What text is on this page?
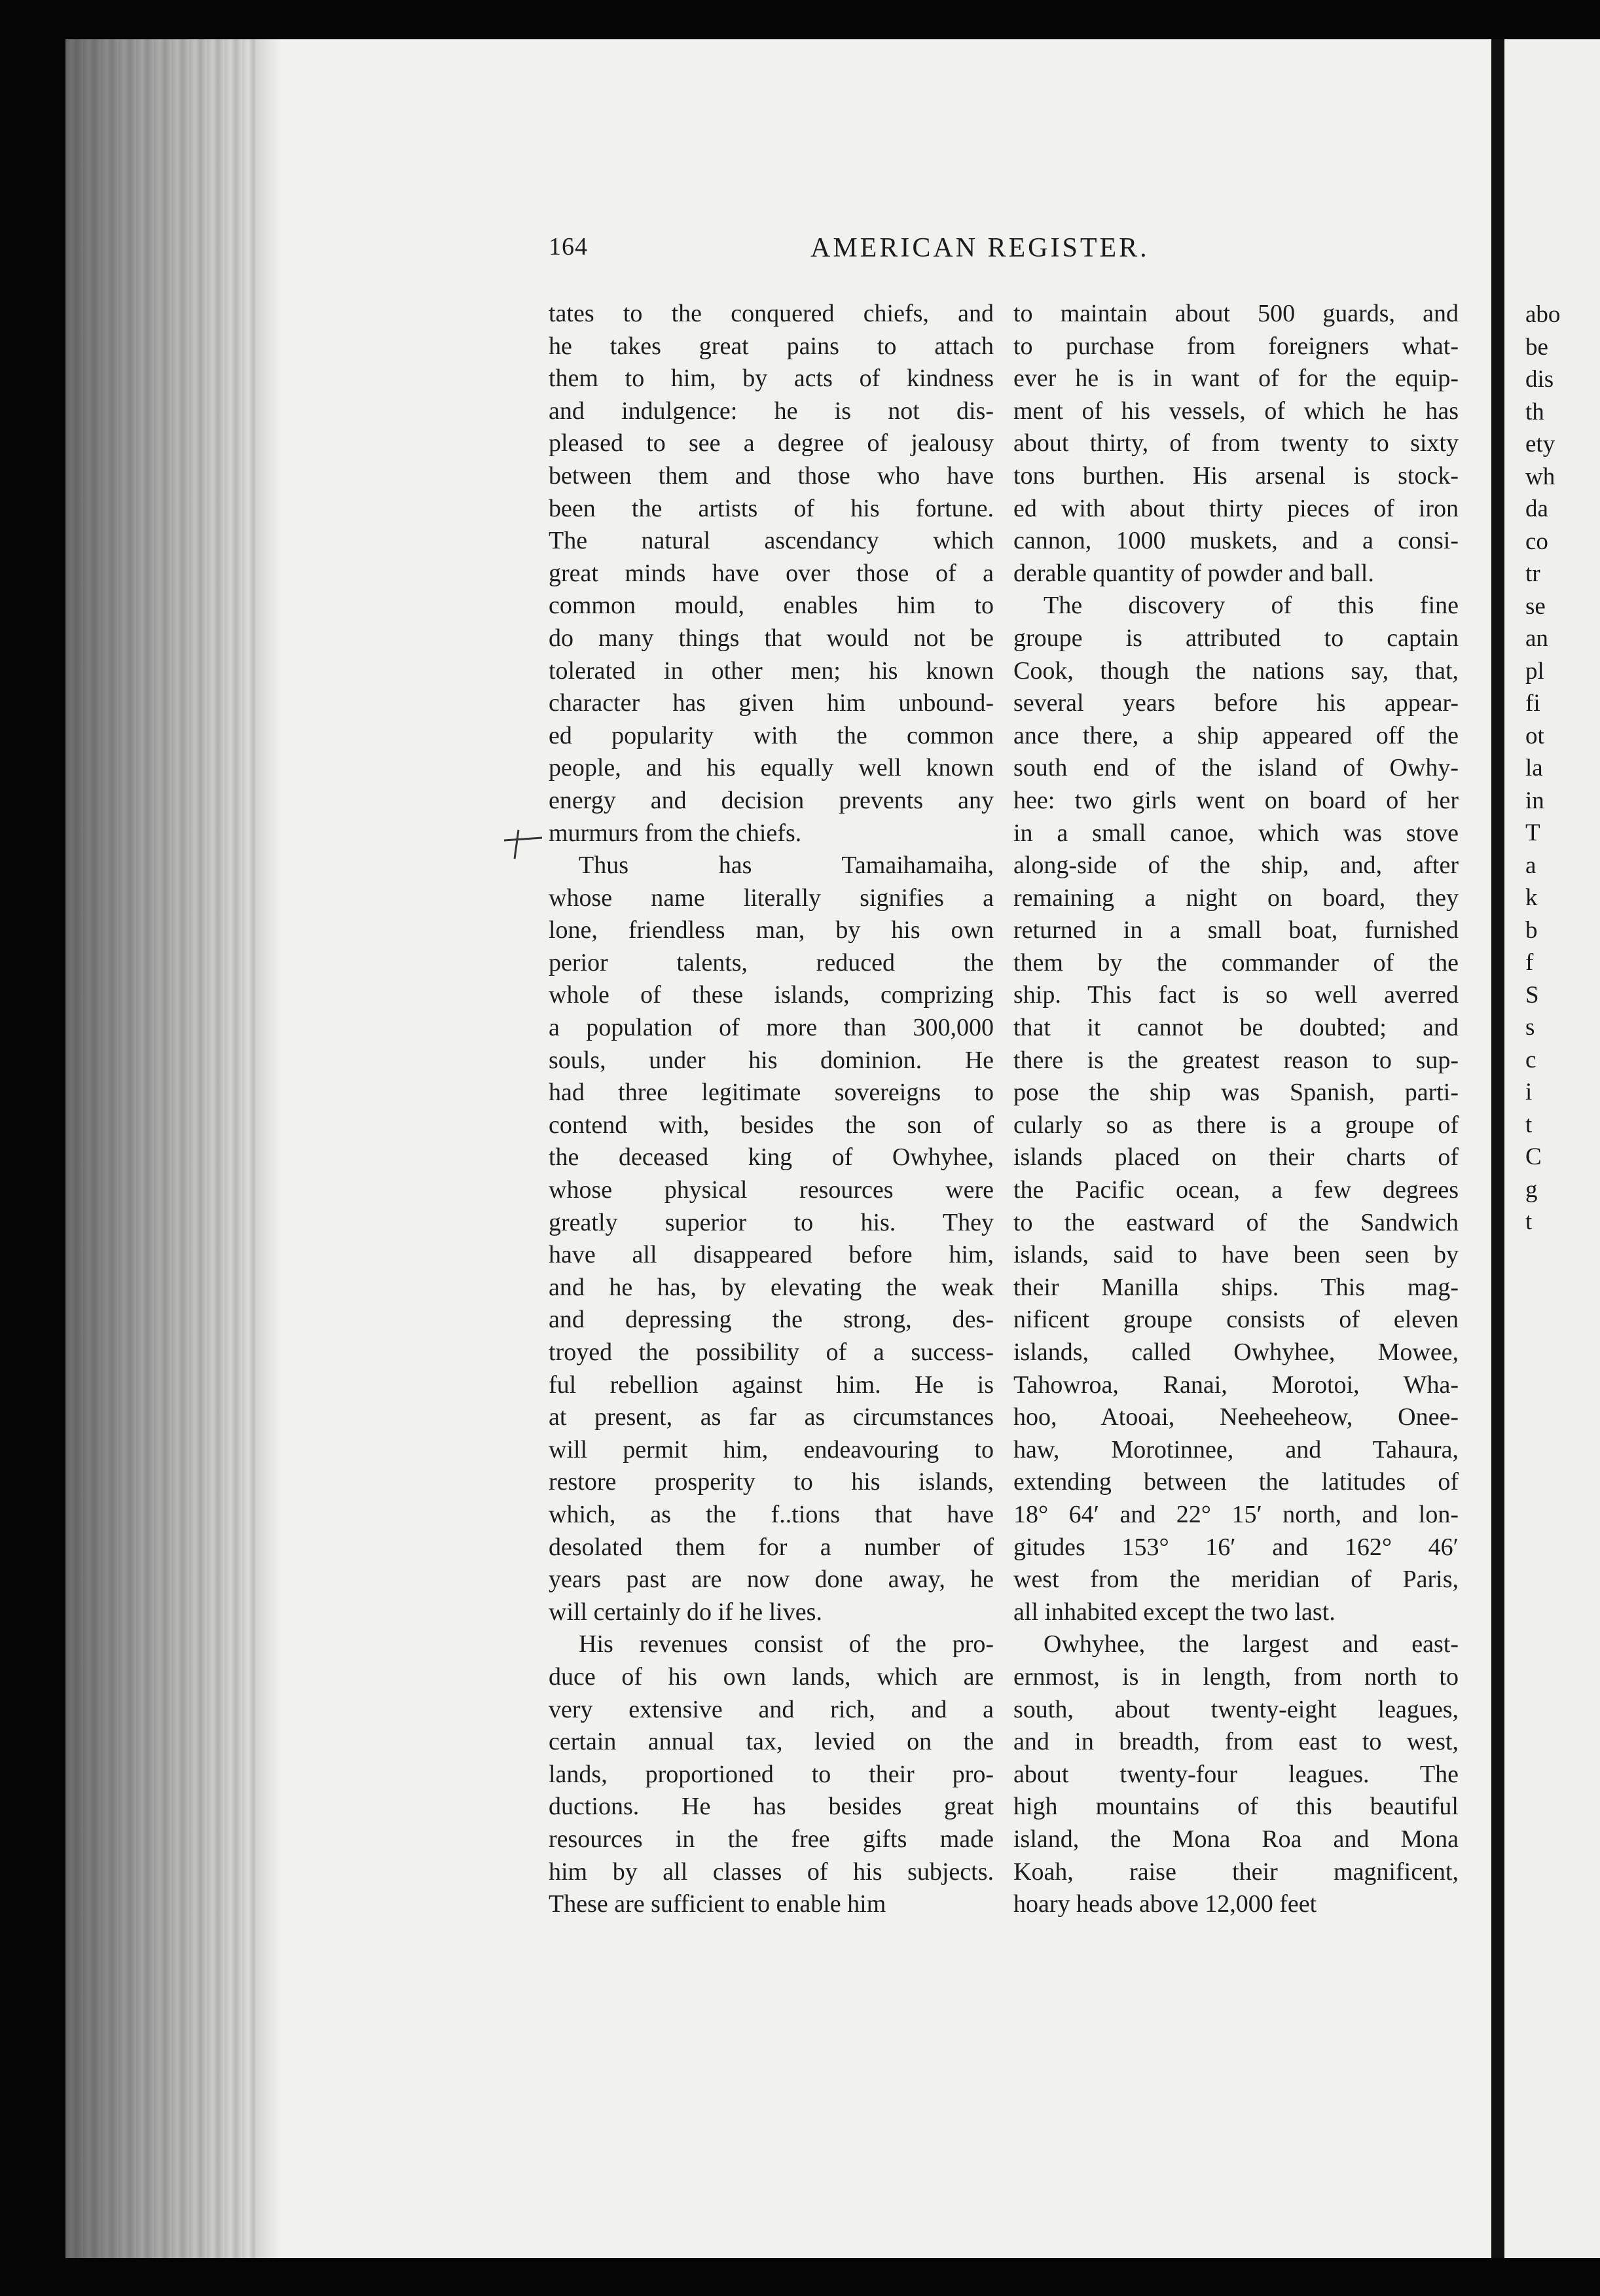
abo
be
dis
th
ety
wh
da
co
tr
se
an
pl
fi
ot
la
in
T
a
k
b
f
S
s
c
i
t
C
g
t
164	AMERICAN REGISTER.
tates to the conquered chiefs, and
he takes great pains to attach
them to him, by acts of kindness
and indulgence: he is not dis-
pleased to see a degree of jealousy
between them and those who have
been the artists of his fortune.
The natural ascendancy which
great minds have over those of a
common mould, enables him to
do many things that would not be
tolerated in other men; his known
character has given him unbound-
ed popularity with the common
people, and his equally well known
energy and decision prevents any
murmurs from the chiefs.
Thus has Tamaihamaiha,
whose name literally signifies a
lone, friendless man, by his own
perior talents, reduced the
whole of these islands, comprizing
a population of more than 300,000
souls, under his dominion. He
had three legitimate sovereigns to
contend with, besides the son of
the deceased king of Owhyhee,
whose physical resources were
greatly superior to his. They
have all disappeared before him,
and he has, by elevating the weak
and depressing the strong, des-
troyed the possibility of a success-
ful rebellion against him. He is
at present, as far as circumstances
will permit him, endeavouring to
restore prosperity to his islands,
which, as the f..tions that have
desolated them for a number of
years past are now done away, he
will certainly do if he lives.
His revenues consist of the pro-
duce of his own lands, which are
very extensive and rich, and a
certain annual tax, levied on the
lands, proportioned to their pro-
ductions. He has besides great
resources in the free gifts made
him by all classes of his subjects.
These are sufficient to enable him
to maintain about 500 guards, and
to purchase from foreigners what-
ever he is in want of for the equip-
ment of his vessels, of which he has
about thirty, of from twenty to sixty
tons burthen. His arsenal is stock-
ed with about thirty pieces of iron
cannon, 1000 muskets, and a consi-
derable quantity of powder and ball.
The discovery of this fine
groupe is attributed to captain
Cook, though the nations say, that,
several years before his appear-
ance there, a ship appeared off the
south end of the island of Owhy-
hee: two girls went on board of her
in a small canoe, which was stove
along-side of the ship, and, after
remaining a night on board, they
returned in a small boat, furnished
them by the commander of the
ship. This fact is so well averred
that it cannot be doubted; and
there is the greatest reason to sup-
pose the ship was Spanish, parti-
cularly so as there is a groupe of
islands placed on their charts of
the Pacific ocean, a few degrees
to the eastward of the Sandwich
islands, said to have been seen by
their Manilla ships. This mag-
nificent groupe consists of eleven
islands, called Owhyhee, Mowee,
Tahowroa, Ranai, Morotoi, Wha-
hoo, Atooai, Neeheeheow, Onee-
haw, Morotinnee, and Tahaura,
extending between the latitudes of
18° 64′ and 22° 15′ north, and lon-
gitudes 153° 16′ and 162° 46′
west from the meridian of Paris,
all inhabited except the two last.
Owhyhee, the largest and east-
ernmost, is in length, from north to
south, about twenty-eight leagues,
and in breadth, from east to west,
about twenty-four leagues. The
high mountains of this beautiful
island, the Mona Roa and Mona
Koah, raise their magnificent,
hoary heads above 12,000 feet
